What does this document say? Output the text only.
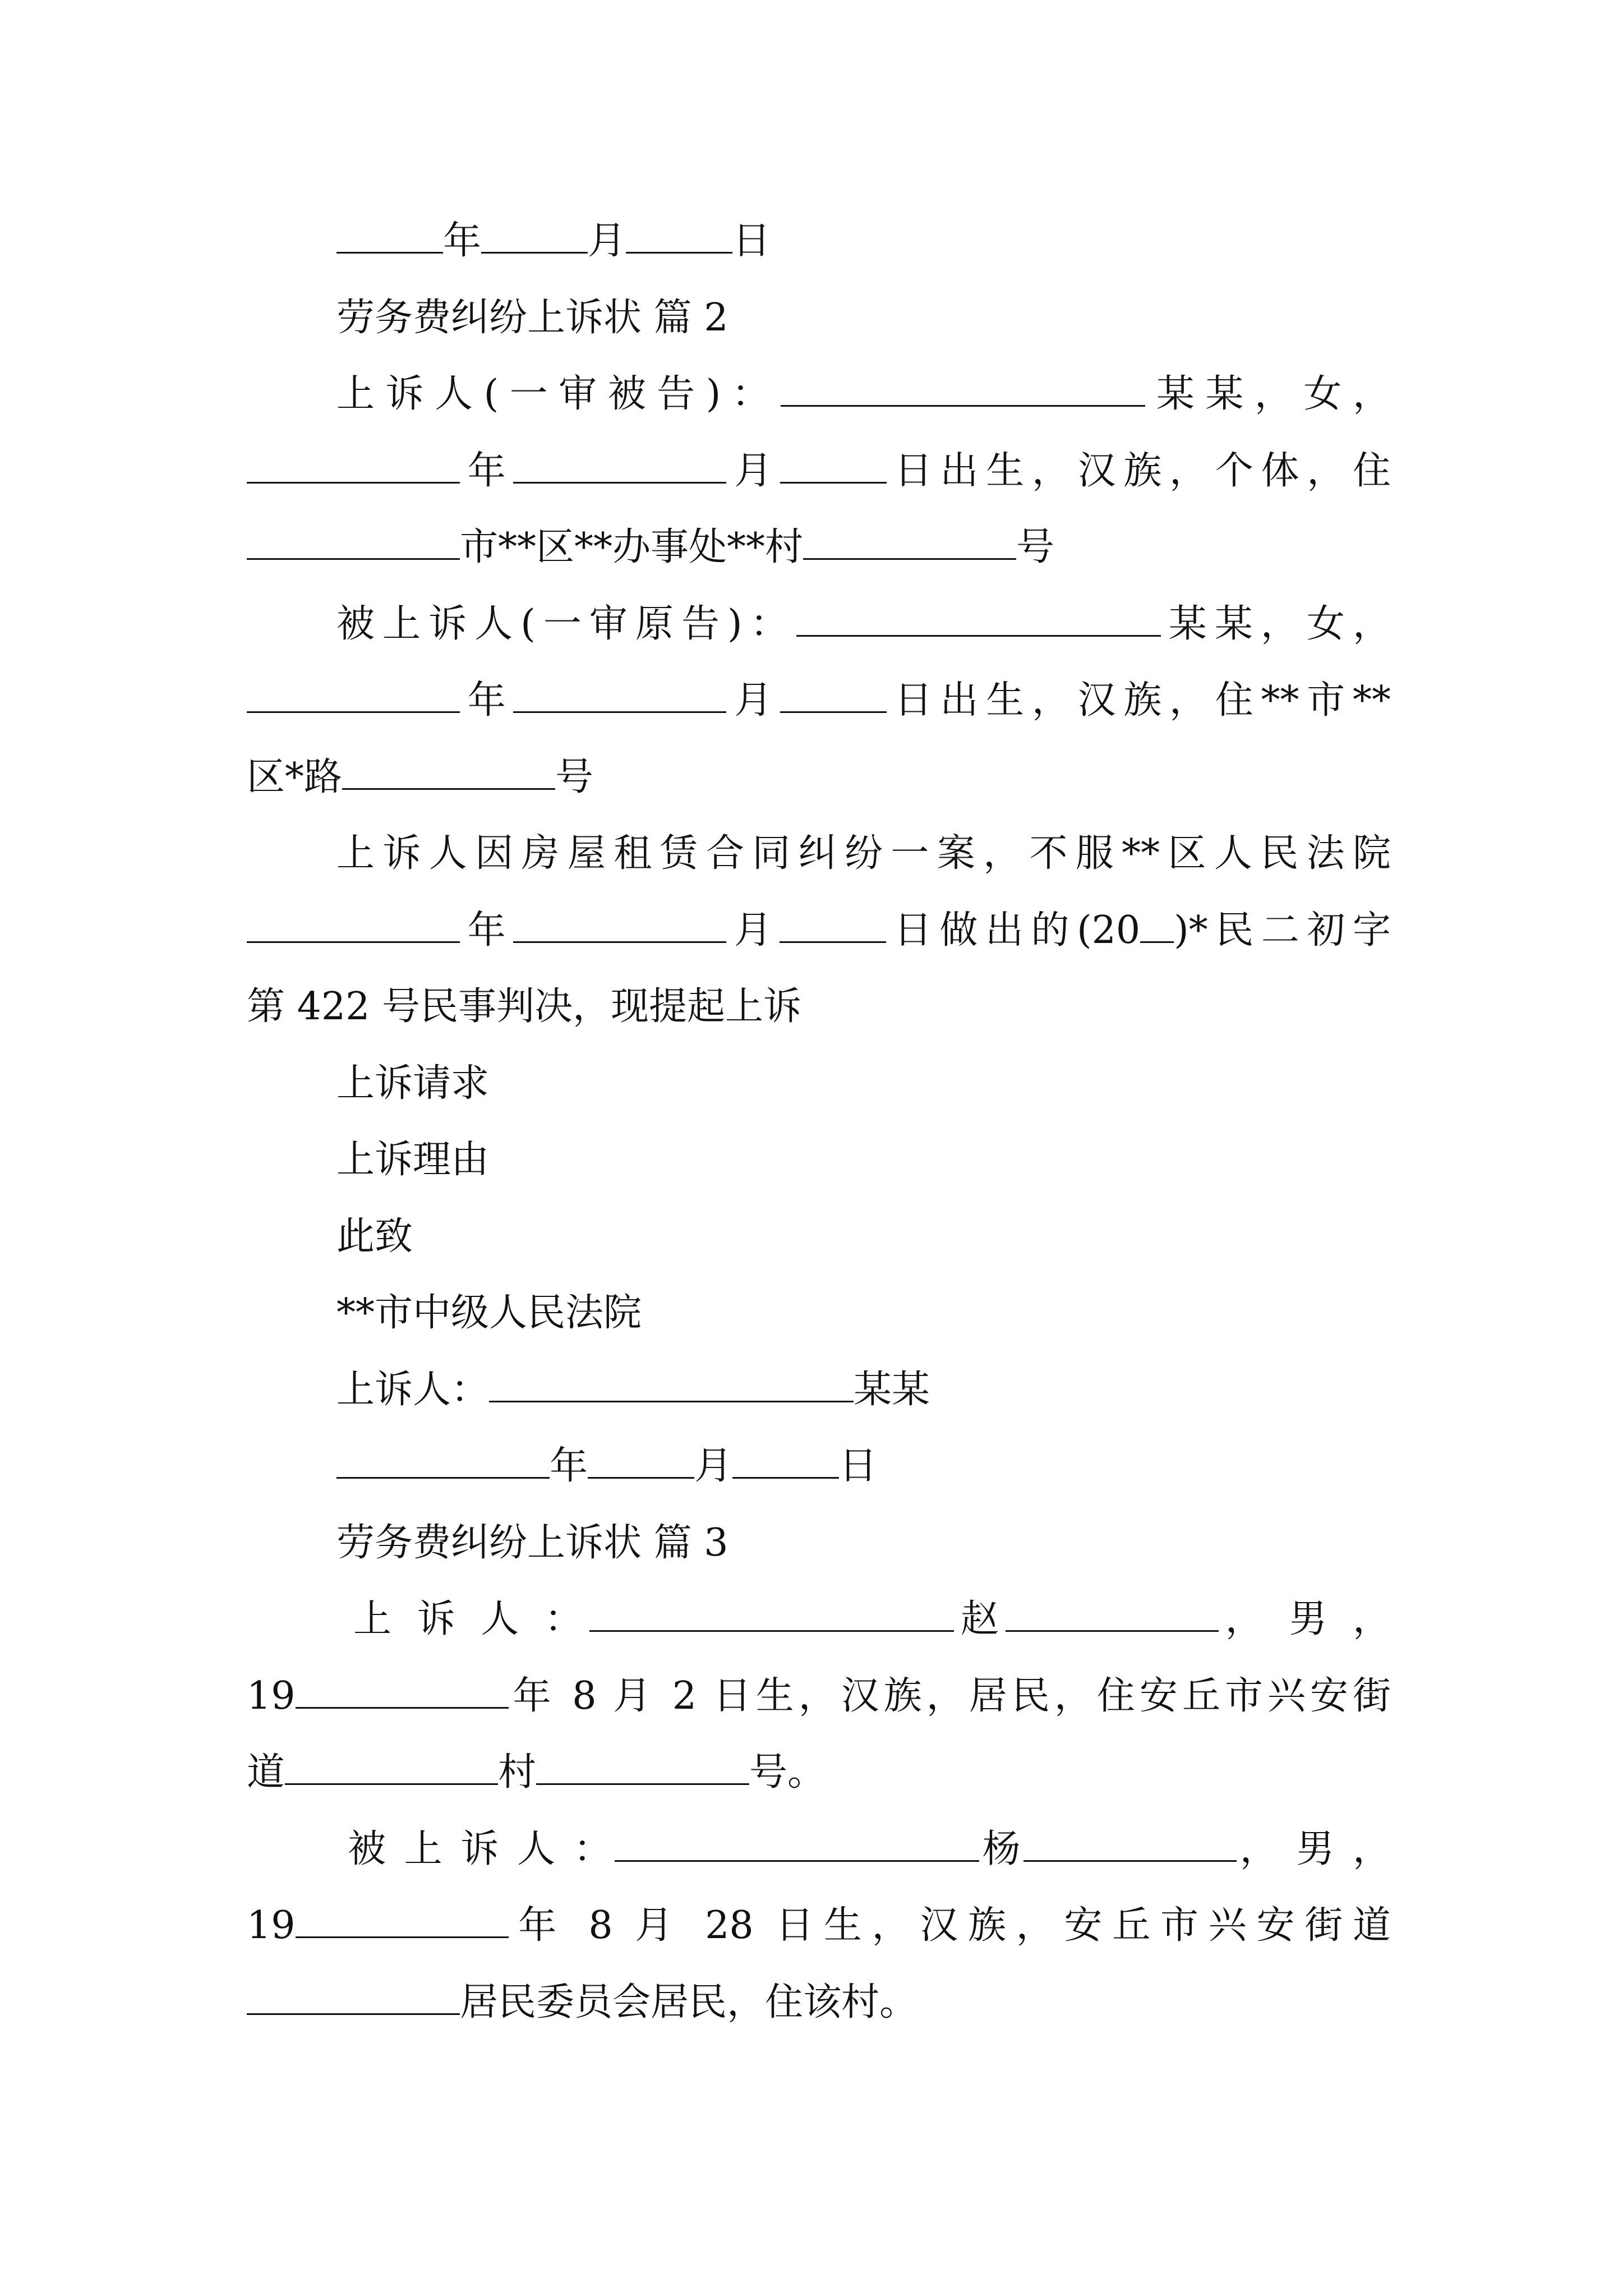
年	月	日
劳务费纠纷上诉状 篇 2
上诉人(一审被告)：	某某，女，
年	月	日出生，汉族，个体，住
市**区**办事处**村	号
被上诉人(一审原告)：	某某，女，
年	月	日出生，汉族，住**市**
区*路	号
上诉人因房屋租赁合同纠纷一案，不服**区人民法院
年	月	日做出的(20 )*民二初字
第 422 号民事判决，现提起上诉
上诉请求
上诉理由
此致
**市中级人民法院
上诉人：	某某
年	月	日
劳务费纠纷上诉状 篇 3
上 诉 人 ：	赵	， 男 ，
19	年 8 月 2 日生，汉族，居民，住安丘市兴安街
道	村	号。
被 上 诉 人 ：	杨	， 男 ，
19	年 8 月 28 日生，汉族，安丘市兴安街道
居民委员会居民，住该村。
